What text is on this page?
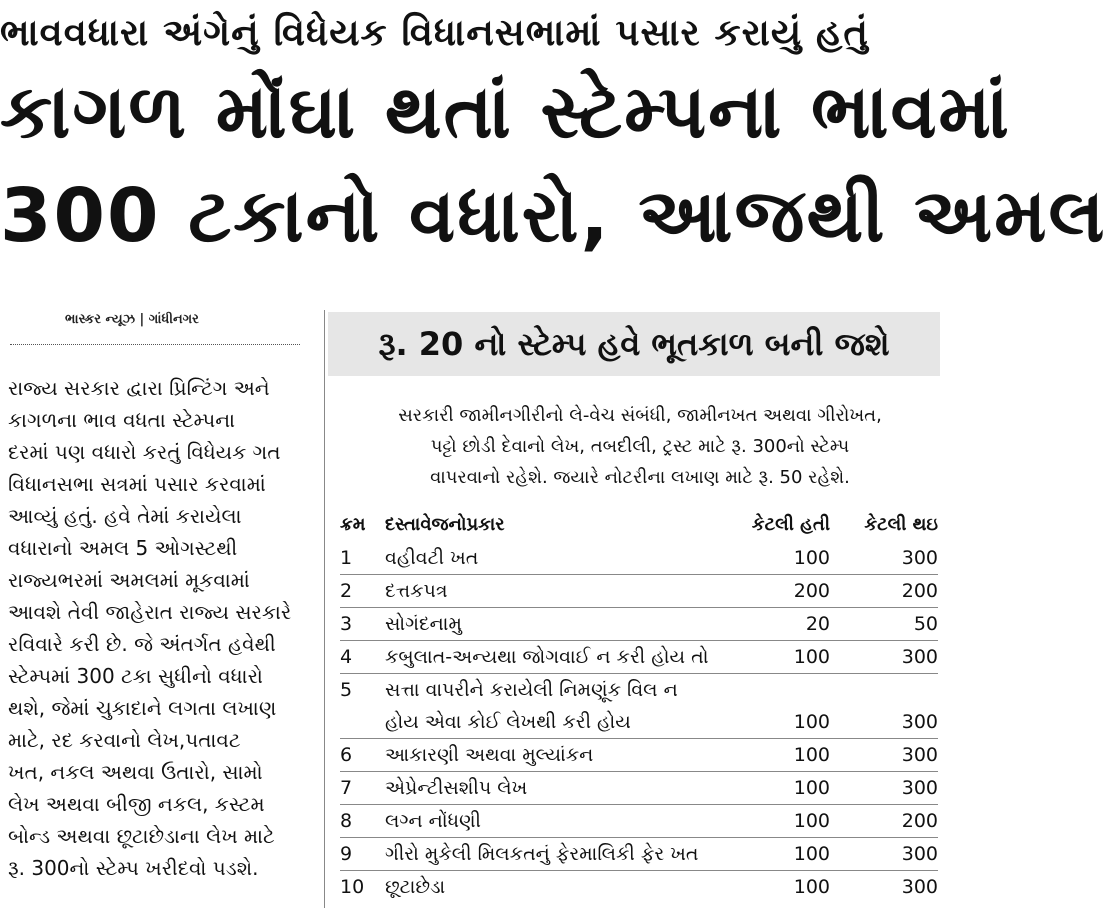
ભાવવધારા અંગેનું વિધેયક વિધાનસભામાં પસાર કરાયું હતું
કાગળ મોંઘા થતાં સ્ટેમ્પના ભાવમાં
300 ટકાનો વધારો, આજથી અમલ
ભાસ્કર ન્યૂઝ | ગાંધીનગર
રાજ્ય સરકાર દ્વારા પ્રિન્ટિંગ અને
કાગળના ભાવ વધતા સ્ટેમ્પના
દરમાં પણ વધારો કરતું વિધેયક ગત
વિધાનસભા સત્રમાં પસાર કરવામાં
આવ્યું હતું. હવે તેમાં કરાયેલા
વધારાનો અમલ 5 ઓગસ્ટથી
રાજ્યભરમાં અમલમાં મૂકવામાં
આવશે તેવી જાહેરાત રાજ્ય સરકારે
રવિવારે કરી છે. જે અંતર્ગત હવેથી
સ્ટેમ્પમાં 300 ટકા સુધીનો વધારો
થશે, જેમાં ચુકાદાને લગતા લખાણ
માટે, રદ કરવાનો લેખ,પતાવટ
ખત, નકલ અથવા ઉતારો, સામો
લેખ અથવા બીજી નકલ, કસ્ટમ
બોન્ડ અથવા છૂટાછેડાના લેખ માટે
રૂ. 300નો સ્ટેમ્પ ખરીદવો પડશે.
રૂ. 20 નો સ્ટેમ્પ હવે ભૂતકાળ બની જશે
સરકારી જામીનગીરીનો લે-વેચ સંબંધી, જામીનખત અથવા ગીરોખત,
પટ્ટો છોડી દેવાનો લેખ, તબદીલી, ટ્રસ્ટ માટે રૂ. 300નો સ્ટેમ્પ
વાપરવાનો રહેશે. જયારે નોટરીના લખાણ માટે રૂ. 50 રહેશે.
ક્રમ	દસ્તાવેજનોપ્રકાર	કેટલી હતી	કેટલી થઇ
1	વહીવટી ખત	100	300
2	દત્તકપત્ર	200	200
3	સોગંદનામુ	20	50
4	કબુલાત-અન્યથા જોગવાઈ ન કરી હોય તો	100	300
5	સત્તા વાપરીને કરાયેલી નિમણૂંક વિલ ન
હોય એવા કોઈ લેખથી કરી હોય	100	300
6	આકારણી અથવા મુલ્યાંકન	100	300
7	એપ્રેન્ટીસશીપ લેખ	100	300
8	લગ્ન નોંધણી	100	200
9	ગીરો મુકેલી મિલકતનું ફેરમાલિકી ફેર ખત	100	300
10	છૂટાછેડા	100	300
